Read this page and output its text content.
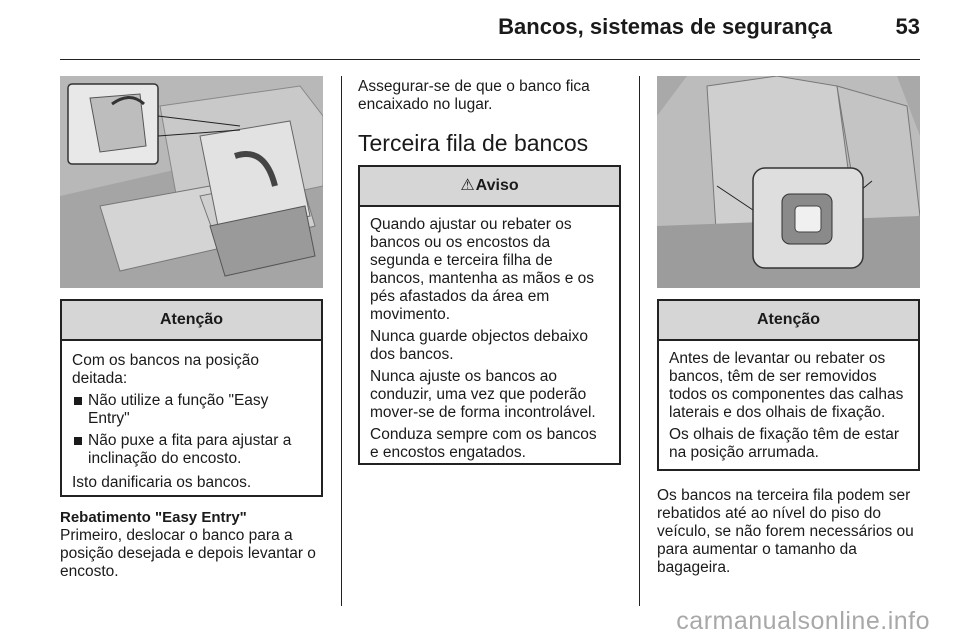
Bancos, sistemas de segurança	53
Atenção

Com os bancos na posição deitada:

Não utilize a função "Easy Entry"
Não puxe a fita para ajustar a inclinação do encosto.

Isto danificaria os bancos.

Rebatimento "Easy Entry"

Primeiro, deslocar o banco para a posição desejada e depois levantar o encosto.

Assegurar-se de que o banco fica encaixado no lugar.

Terceira fila de bancos
⚠Aviso

Quando ajustar ou rebater os bancos ou os encostos da segunda e terceira filha de bancos, mantenha as mãos e os pés afastados da área em movimento.

Nunca guarde objectos debaixo dos bancos.

Nunca ajuste os bancos ao conduzir, uma vez que poderão mover-se de forma incontrolável.

Conduza sempre com os bancos e encostos engatados.

Atenção

Antes de levantar ou rebater os bancos, têm de ser removidos todos os componentes das calhas laterais e dos olhais de fixação.

Os olhais de fixação têm de estar na posição arrumada.

Os bancos na terceira fila podem ser rebatidos até ao nível do piso do veículo, se não forem necessários ou para aumentar o tamanho da bagageira.

carmanualsonline.info
